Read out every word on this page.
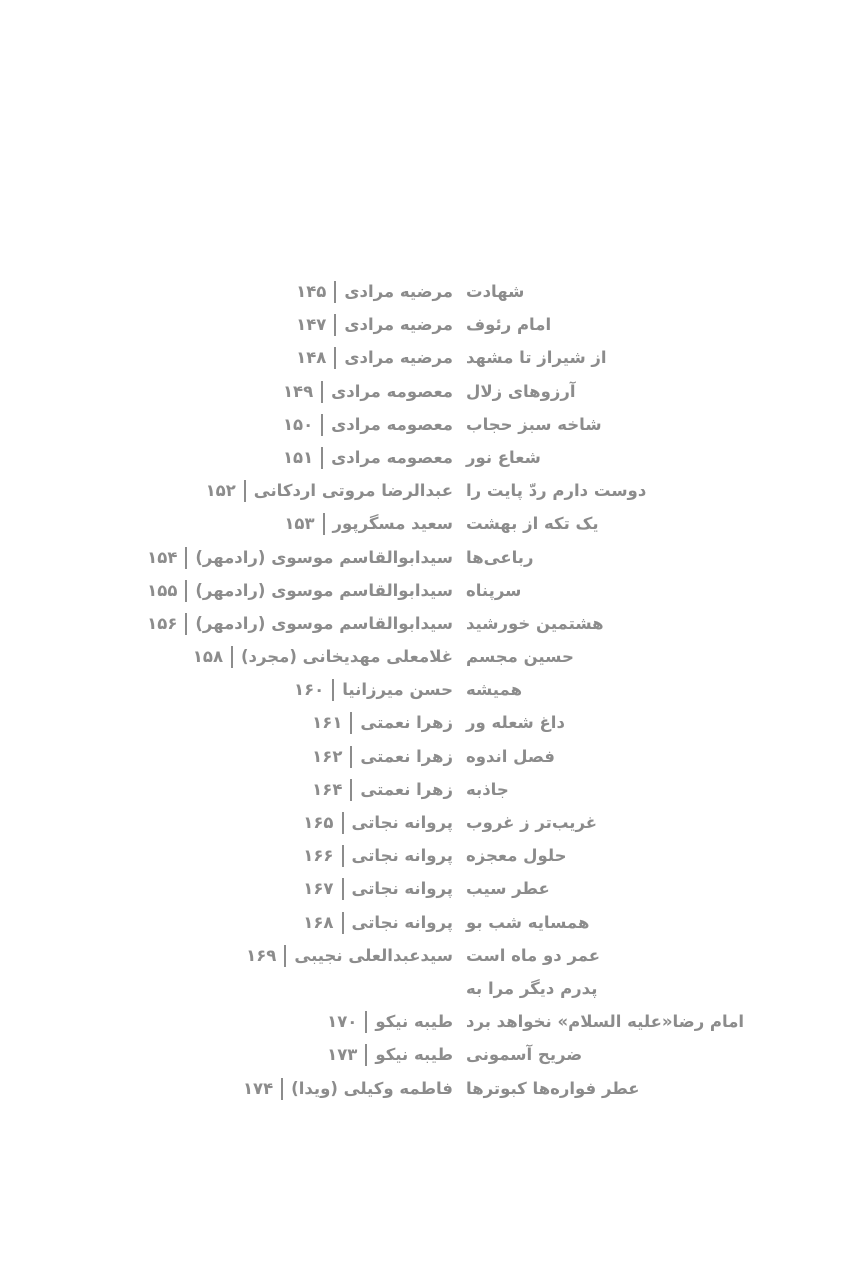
شهادت
مرضیه مرادی
۱۴۵
امام رئوف
مرضیه مرادی
۱۴۷
از شیراز تا مشهد
مرضیه مرادی
۱۴۸
آرزوهای زلال
معصومه مرادی
۱۴۹
شاخه سبز حجاب
معصومه مرادی
۱۵۰
شعاع نور
معصومه مرادی
۱۵۱
دوست دارم ردّ پایت را
عبدالرضا مروتی اردکانی
۱۵۲
یک تکه از بهشت
سعید مسگرپور
۱۵۳
رباعی‌ها
سیدابوالقاسم موسوی (رادمهر)
۱۵۴
سرپناه
سیدابوالقاسم موسوی (رادمهر)
۱۵۵
هشتمین خورشید
سیدابوالقاسم موسوی (رادمهر)
۱۵۶
حسین مجسم
غلامعلی مهدیخانی (مجرد)
۱۵۸
همیشه
حسن میرزانیا
۱۶۰
داغ شعله ور
زهرا نعمتی
۱۶۱
فصل اندوه
زهرا نعمتی
۱۶۲
جاذبه
زهرا نعمتی
۱۶۴
غریب‌تر ز غروب
پروانه نجاتی
۱۶۵
حلول معجزه
پروانه نجاتی
۱۶۶
عطر سیب
پروانه نجاتی
۱۶۷
همسایه شب بو
پروانه نجاتی
۱۶۸
عمر دو ماه است
سیدعبدالعلی نجیبی
۱۶۹
پدرم دیگر مرا به
امام رضا«علیه السلام» نخواهد برد
طیبه نیکو
۱۷۰
ضریح آسمونی
طیبه نیکو
۱۷۳
عطر فواره‌ها کبوترها
فاطمه وکیلی (ویدا)
۱۷۴
